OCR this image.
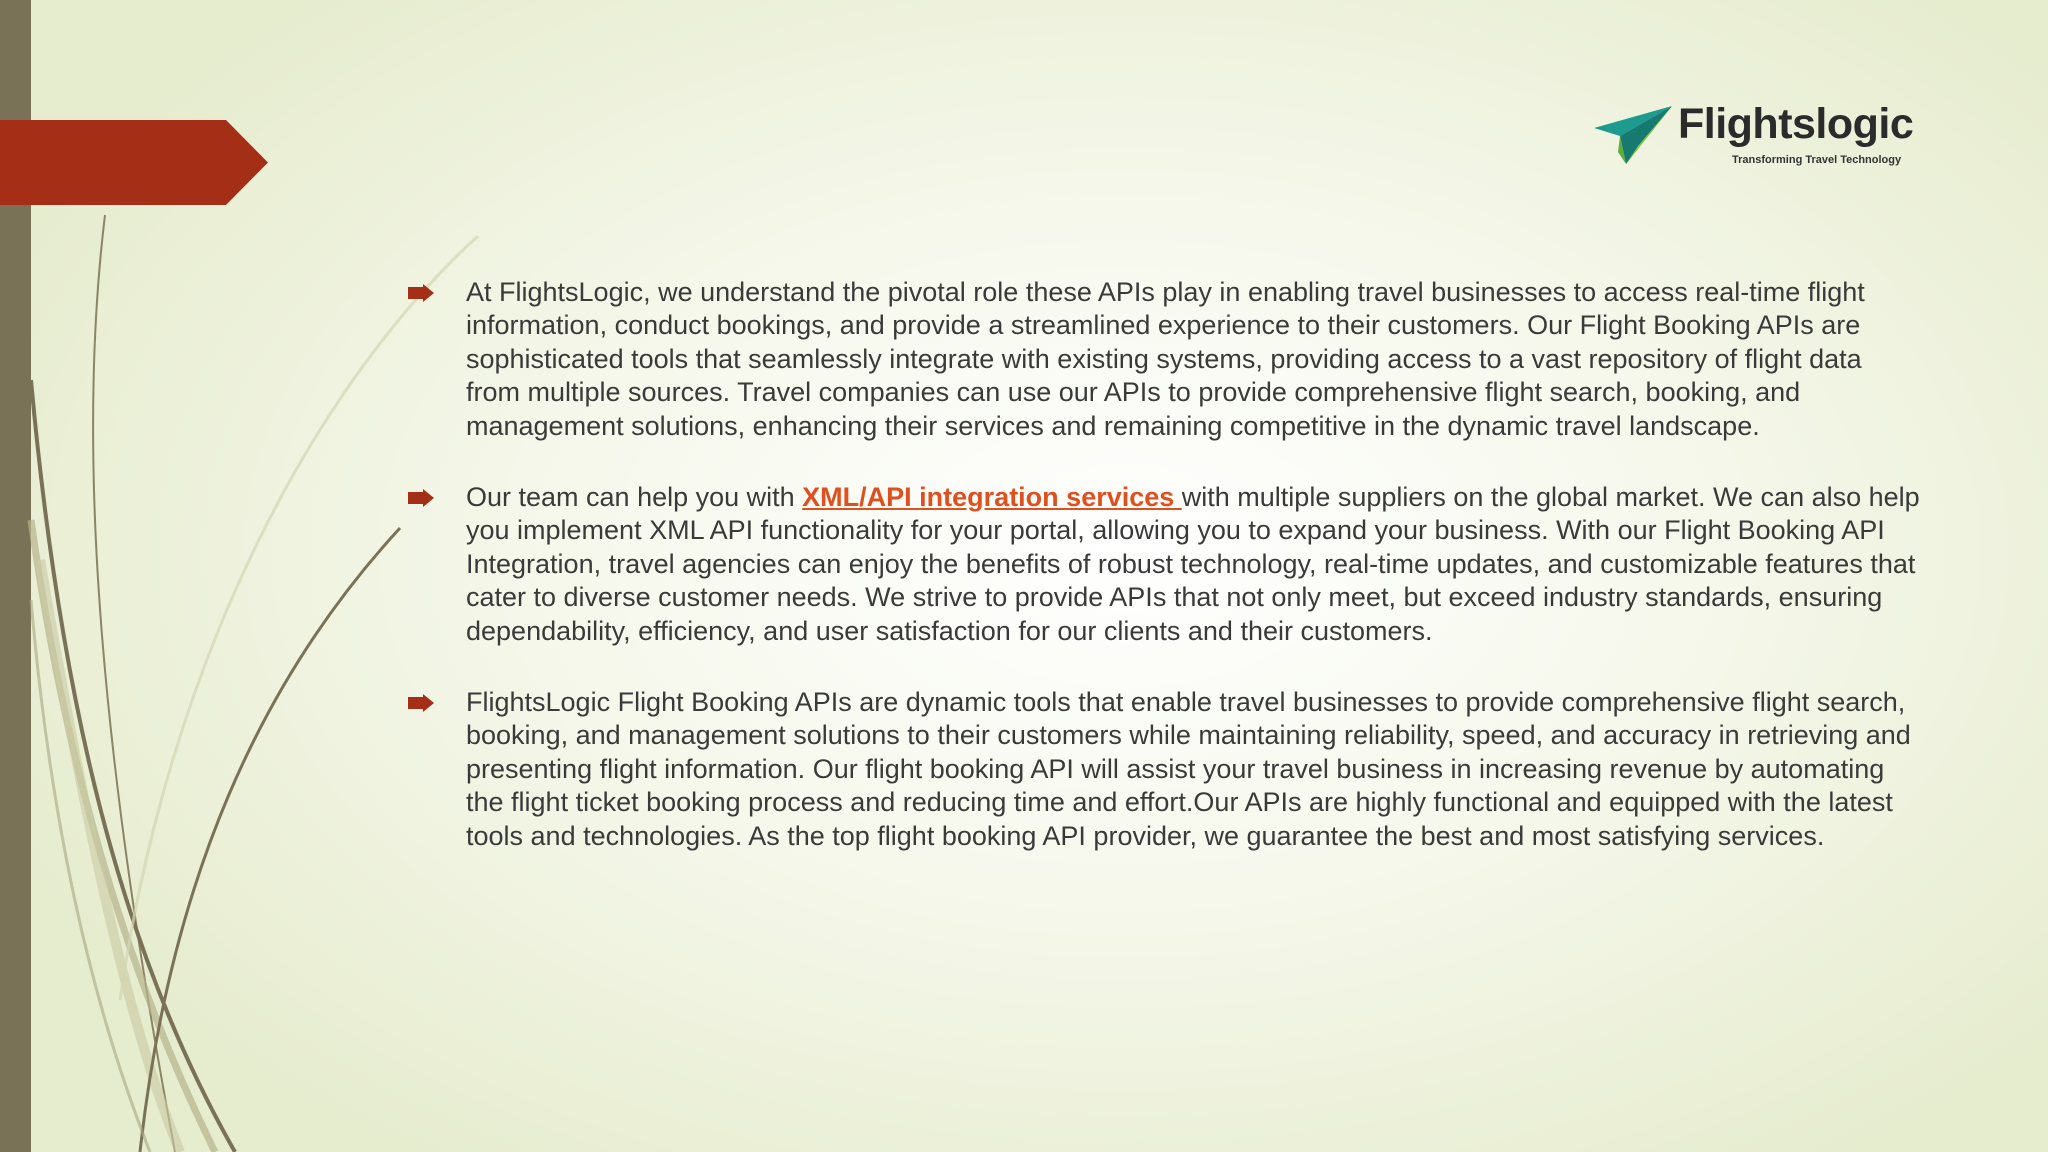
Flightslogic
Transforming Travel Technology

At FlightsLogic, we understand the pivotal role these APIs play in enabling travel businesses to access real-time flight information, conduct bookings, and provide a streamlined experience to their customers. Our Flight Booking APIs are sophisticated tools that seamlessly integrate with existing systems, providing access to a vast repository of flight data from multiple sources. Travel companies can use our APIs to provide comprehensive flight search, booking, and management solutions, enhancing their services and remaining competitive in the dynamic travel landscape.

Our team can help you with XML/API integration services with multiple suppliers on the global market. We can also help you implement XML API functionality for your portal, allowing you to expand your business. With our Flight Booking API Integration, travel agencies can enjoy the benefits of robust technology, real-time updates, and customizable features that cater to diverse customer needs. We strive to provide APIs that not only meet, but exceed industry standards, ensuring dependability, efficiency, and user satisfaction for our clients and their customers.

FlightsLogic Flight Booking APIs are dynamic tools that enable travel businesses to provide comprehensive flight search, booking, and management solutions to their customers while maintaining reliability, speed, and accuracy in retrieving and presenting flight information. Our flight booking API will assist your travel business in increasing revenue by automating the flight ticket booking process and reducing time and effort.Our APIs are highly functional and equipped with the latest tools and technologies. As the top flight booking API provider, we guarantee the best and most satisfying services.
